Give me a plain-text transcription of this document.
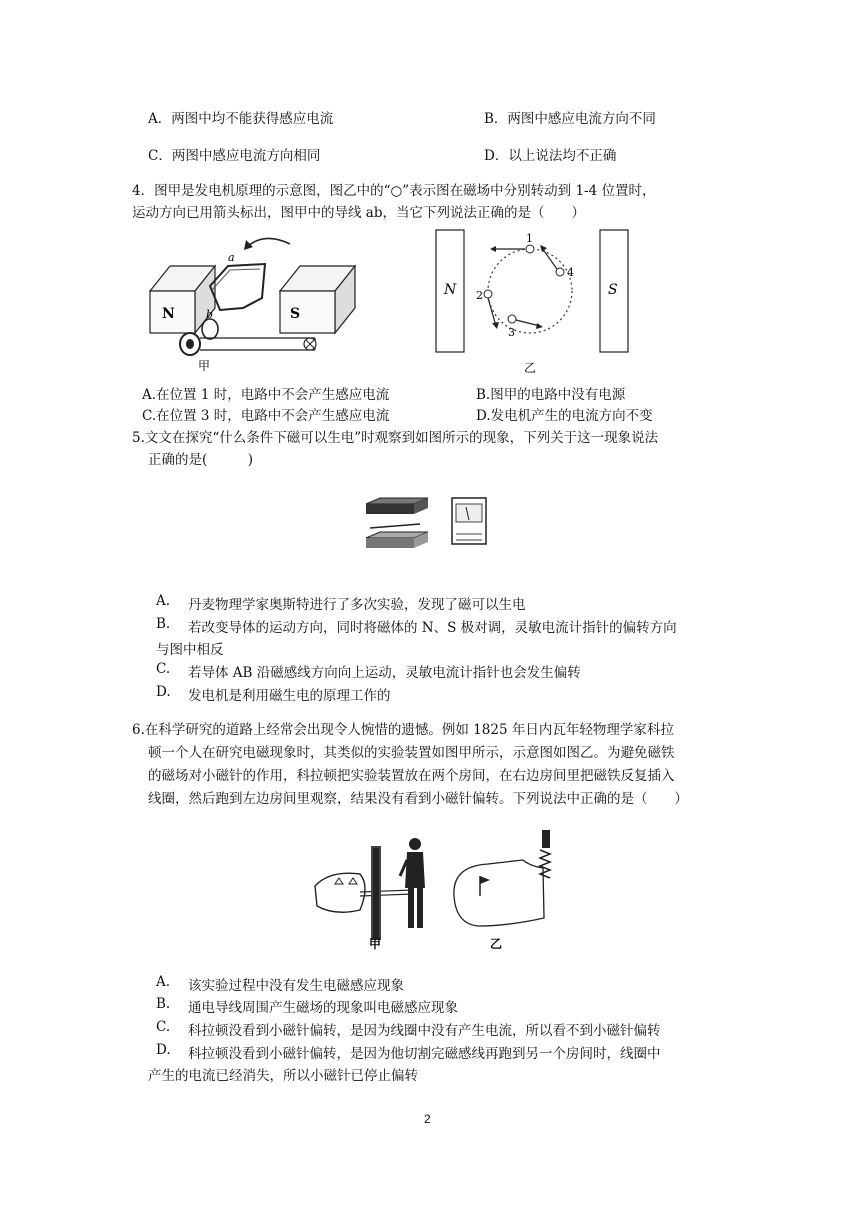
A．两图中均不能获得感应电流	B．两图中感应电流方向不同
C．两图中感应电流方向相同	D．以上说法均不正确
4．图甲是发电机原理的示意图，图乙中的“○”表示图在磁场中分别转动到 1-4 位置时，
运动方向已用箭头标出，图甲中的导线 ab，当它下列说法正确的是（　　）
N	S
a
b
甲
N	S
1
2
3
4
乙
A.在位置 1 时，电路中不会产生感应电流	B.图甲的电路中没有电源
C.在位置 3 时，电路中不会产生感应电流	D.发电机产生的电流方向不变
5.文文在探究“什么条件下磁可以生电”时观察到如图所示的现象，下列关于这一现象说法
正确的是(　　　)
A. 丹麦物理学家奥斯特进行了多次实验，发现了磁可以生电
B. 若改变导体的运动方向，同时将磁体的 N、S 极对调，灵敏电流计指针的偏转方向
与图中相反
C. 若导体 AB 沿磁感线方向向上运动，灵敏电流计指针也会发生偏转
D. 发电机是利用磁生电的原理工作的
6.在科学研究的道路上经常会出现令人惋惜的遗憾。例如 1825 年日内瓦年轻物理学家科拉
顿一个人在研究电磁现象时，其类似的实验装置如图甲所示，示意图如图乙。为避免磁铁
的磁场对小磁针的作用，科拉顿把实验装置放在两个房间，在右边房间里把磁铁反复插入
线圈，然后跑到左边房间里观察，结果没有看到小磁针偏转。下列说法中正确的是（　　）
甲	乙
A. 该实验过程中没有发生电磁感应现象
B. 通电导线周围产生磁场的现象叫电磁感应现象
C. 科拉顿没看到小磁针偏转，是因为线圈中没有产生电流，所以看不到小磁针偏转
D. 科拉顿没看到小磁针偏转，是因为他切割完磁感线再跑到另一个房间时，线圈中
产生的电流已经消失，所以小磁针已停止偏转
2
